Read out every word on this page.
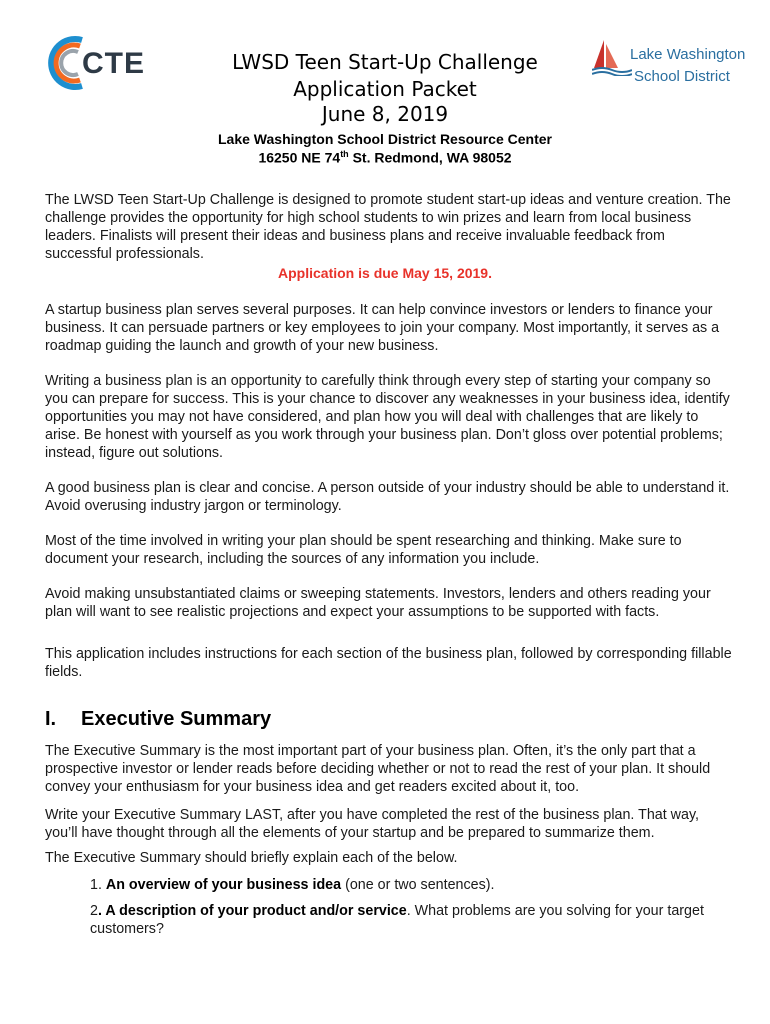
CTE	Lake Washington
School District
LWSD Teen Start-Up Challenge
Application Packet
June 8, 2019
Lake Washington School District Resource Center
16250 NE 74th St. Redmond, WA 98052
The LWSD Teen Start-Up Challenge is designed to promote student start-up ideas and venture creation. The challenge provides the opportunity for high school students to win prizes and learn from local business leaders. Finalists will present their ideas and business plans and receive invaluable feedback from successful professionals.
Application is due May 15, 2019.
A startup business plan serves several purposes. It can help convince investors or lenders to finance your business. It can persuade partners or key employees to join your company. Most importantly, it serves as a roadmap guiding the launch and growth of your new business.
Writing a business plan is an opportunity to carefully think through every step of starting your company so you can prepare for success. This is your chance to discover any weaknesses in your business idea, identify opportunities you may not have considered, and plan how you will deal with challenges that are likely to arise. Be honest with yourself as you work through your business plan. Don’t gloss over potential problems; instead, figure out solutions.
A good business plan is clear and concise. A person outside of your industry should be able to understand it. Avoid overusing industry jargon or terminology.
Most of the time involved in writing your plan should be spent researching and thinking. Make sure to document your research, including the sources of any information you include.
Avoid making unsubstantiated claims or sweeping statements. Investors, lenders and others reading your plan will want to see realistic projections and expect your assumptions to be supported with facts.
This application includes instructions for each section of the business plan, followed by corresponding fillable fields.
I. Executive Summary
The Executive Summary is the most important part of your business plan. Often, it’s the only part that a prospective investor or lender reads before deciding whether or not to read the rest of your plan. It should convey your enthusiasm for your business idea and get readers excited about it, too.
Write your Executive Summary LAST, after you have completed the rest of the business plan. That way, you’ll have thought through all the elements of your startup and be prepared to summarize them.
The Executive Summary should briefly explain each of the below.
1. An overview of your business idea (one or two sentences).
2. A description of your product and/or service. What problems are you solving for your target customers?
